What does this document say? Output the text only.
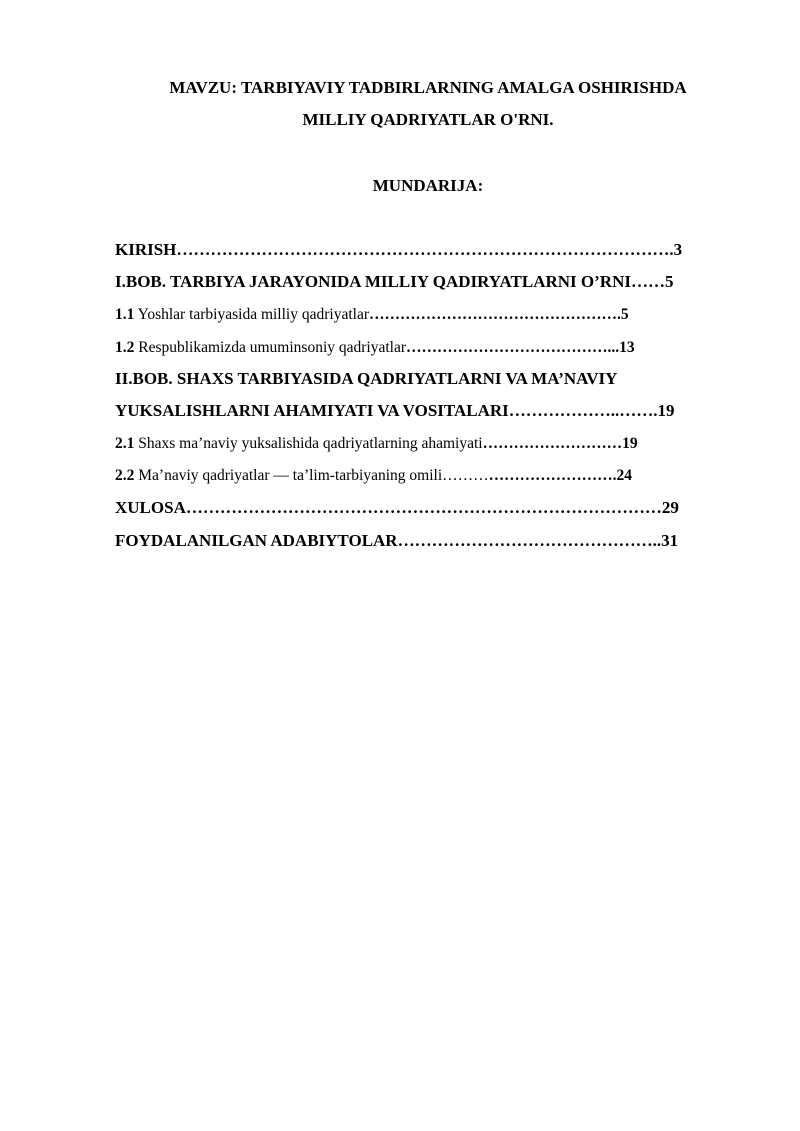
MAVZU: TARBIYAVIY TADBIRLARNING AMALGA OSHIRISHDA
MILLIY QADRIYATLAR O'RNI.
MUNDARIJA:
KIRISH…………………………………………………………………………….3
I.BOB. TARBIYA JARAYONIDA MILLIY QADIRYATLARNI O’RNI……5
1.1 Yoshlar tarbiyasida milliy qadriyatlar………………………………………….5
1.2 Respublikamizda umuminsoniy qadriyatlar…………………………………...13
II.BOB. SHAXS TARBIYASIDA QADRIYATLARNI VA MA’NAVIY
YUKSALISHLARNI AHAMIYATI VA VOSITALARI………………..…….19
2.1 Shaxs ma’naviy yuksalishida qadriyatlarning ahamiyati………………………19
2.2 Ma’naviy qadriyatlar — ta’lim-tarbiyaning omili…………………………….24
XULOSA…………………………………………………………………………29
FOYDALANILGAN ADABIYTOLAR………………………………………..31
